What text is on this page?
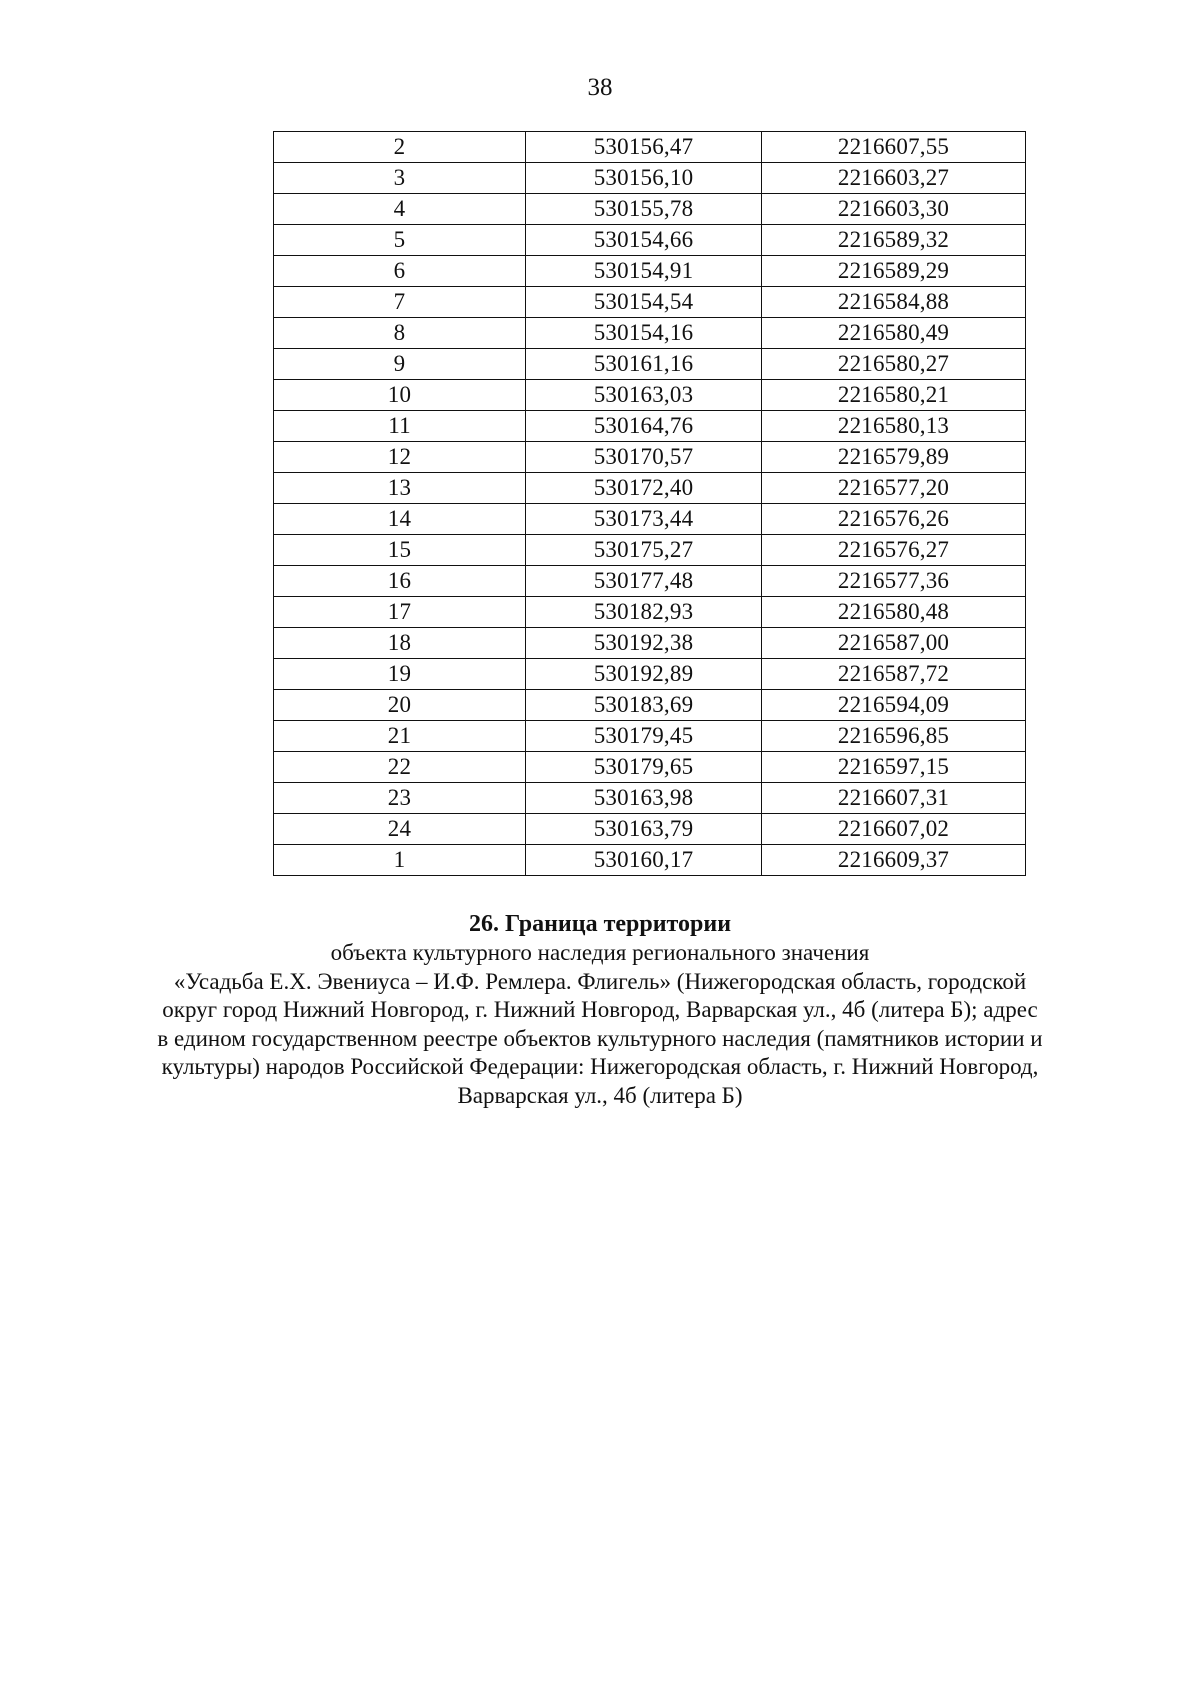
38
2	530156,47	2216607,55
3	530156,10	2216603,27
4	530155,78	2216603,30
5	530154,66	2216589,32
6	530154,91	2216589,29
7	530154,54	2216584,88
8	530154,16	2216580,49
9	530161,16	2216580,27
10	530163,03	2216580,21
11	530164,76	2216580,13
12	530170,57	2216579,89
13	530172,40	2216577,20
14	530173,44	2216576,26
15	530175,27	2216576,27
16	530177,48	2216577,36
17	530182,93	2216580,48
18	530192,38	2216587,00
19	530192,89	2216587,72
20	530183,69	2216594,09
21	530179,45	2216596,85
22	530179,65	2216597,15
23	530163,98	2216607,31
24	530163,79	2216607,02
1	530160,17	2216609,37

26. Граница территории

объекта культурного наследия регионального значения
«Усадьба Е.Х. Эвениуса – И.Ф. Ремлера. Флигель» (Нижегородская область, городской
округ город Нижний Новгород, г. Нижний Новгород, Варварская ул., 4б (литера Б); адрес
в едином государственном реестре объектов культурного наследия (памятников истории и
культуры) народов Российской Федерации: Нижегородская область, г. Нижний Новгород,
Варварская ул., 4б (литера Б)
